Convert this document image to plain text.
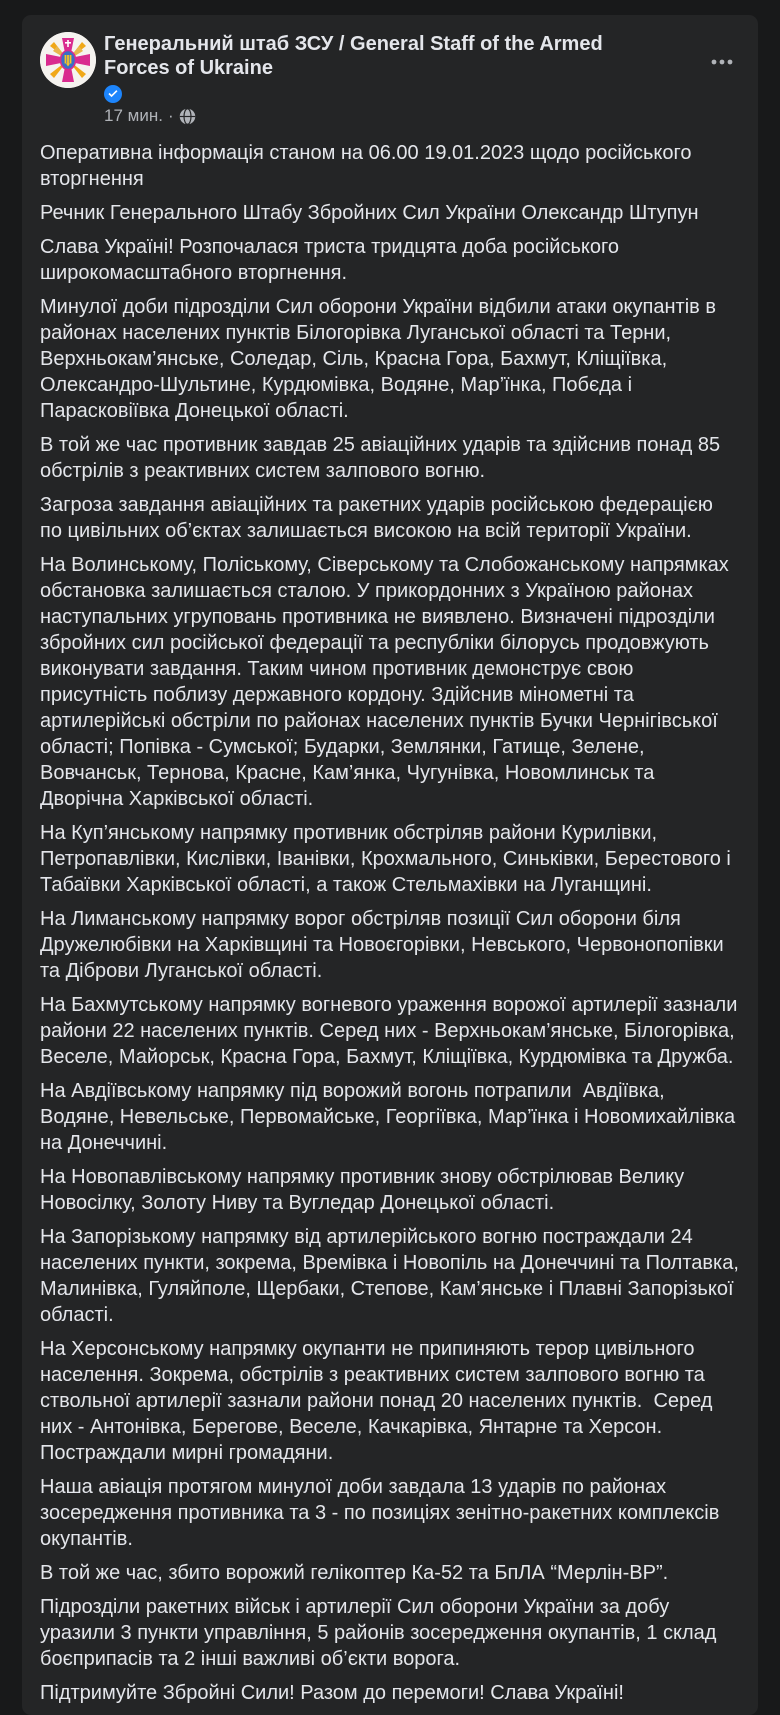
Генеральний штаб ЗСУ / General Staff of the Armed Forces of Ukraine
17 мин. ·
Оперативна інформація станом на 06.00 19.01.2023 щодо російського вторгнення
Речник Генерального Штабу Збройних Сил України Олександр Штупун
Слава Україні! Розпочалася триста тридцята доба російського широкомасштабного вторгнення.
Минулої доби підрозділи Сил оборони України відбили атаки окупантів в районах населених пунктів Білогорівка Луганської області та Терни, Верхньокам’янське, Соледар, Сіль, Красна Гора, Бахмут, Кліщіївка, Олександро-Шультине, Курдюмівка, Водяне, Мар’їнка, Побєда і Парасковіївка Донецької області.
В той же час противник завдав 25 авіаційних ударів та здійснив понад 85 обстрілів з реактивних систем залпового вогню.
Загроза завдання авіаційних та ракетних ударів російською федерацією по цивільних об’єктах залишається високою на всій території України.
На Волинському, Поліському, Сіверському та Слобожанському напрямках обстановка залишається сталою. У прикордонних з Україною районах наступальних угруповань противника не виявлено. Визначені підрозділи збройних сил російської федерації та республіки білорусь продовжують виконувати завдання. Таким чином противник демонструє свою присутність поблизу державного кордону. Здійснив мінометні та артилерійські обстріли по районах населених пунктів Бучки Чернігівської області; Попівка - Сумської; Бударки, Землянки, Гатище, Зелене, Вовчанськ, Тернова, Красне, Кам’янка, Чугунівка, Новомлинськ та Дворічна Харківської області.
На Куп’янському напрямку противник обстріляв райони Курилівки, Петропавлівки, Кислівки, Іванівки, Крохмального, Синьківки, Берестового і Табаївки Харківської області, а також Стельмахівки на Луганщині.
На Лиманському напрямку ворог обстріляв позиції Сил оборони біля Дружелюбівки на Харківщині та Новоєгорівки, Невського, Червонопопівки та Діброви Луганської області.
На Бахмутському напрямку вогневого ураження ворожої артилерії зазнали райони 22 населених пунктів. Серед них - Верхньокам’янське, Білогорівка, Веселе, Майорськ, Красна Гора, Бахмут, Кліщіївка, Курдюмівка та Дружба.
На Авдіївському напрямку під ворожий вогонь потрапили  Авдіївка, Водяне, Невельське, Первомайське, Георгіївка, Мар’їнка і Новомихайлівка на Донеччині.
На Новопавлівському напрямку противник знову обстрілював Велику Новосілку, Золоту Ниву та Вугледар Донецької області.
На Запорізькому напрямку від артилерійського вогню постраждали 24 населених пункти, зокрема, Времівка і Новопіль на Донеччині та Полтавка, Малинівка, Гуляйполе, Щербаки, Степове, Кам’янське і Плавні Запорізької області.
На Херсонському напрямку окупанти не припиняють терор цивільного населення. Зокрема, обстрілів з реактивних систем залпового вогню та ствольної артилерії зазнали райони понад 20 населених пунктів.  Серед них - Антонівка, Берегове, Веселе, Качкарівка, Янтарне та Херсон. Постраждали мирні громадяни.
Наша авіація протягом минулої доби завдала 13 ударів по районах зосередження противника та 3 - по позиціях зенітно-ракетних комплексів окупантів.
В той же час, збито ворожий гелікоптер Ка-52 та БпЛА “Мерлін-ВР”.
Підрозділи ракетних військ і артилерії Сил оборони України за добу уразили 3 пункти управління, 5 районів зосередження окупантів, 1 склад боєприпасів та 2 інші важливі об’єкти ворога.
Підтримуйте Збройні Сили! Разом до перемоги! Слава Україні!
